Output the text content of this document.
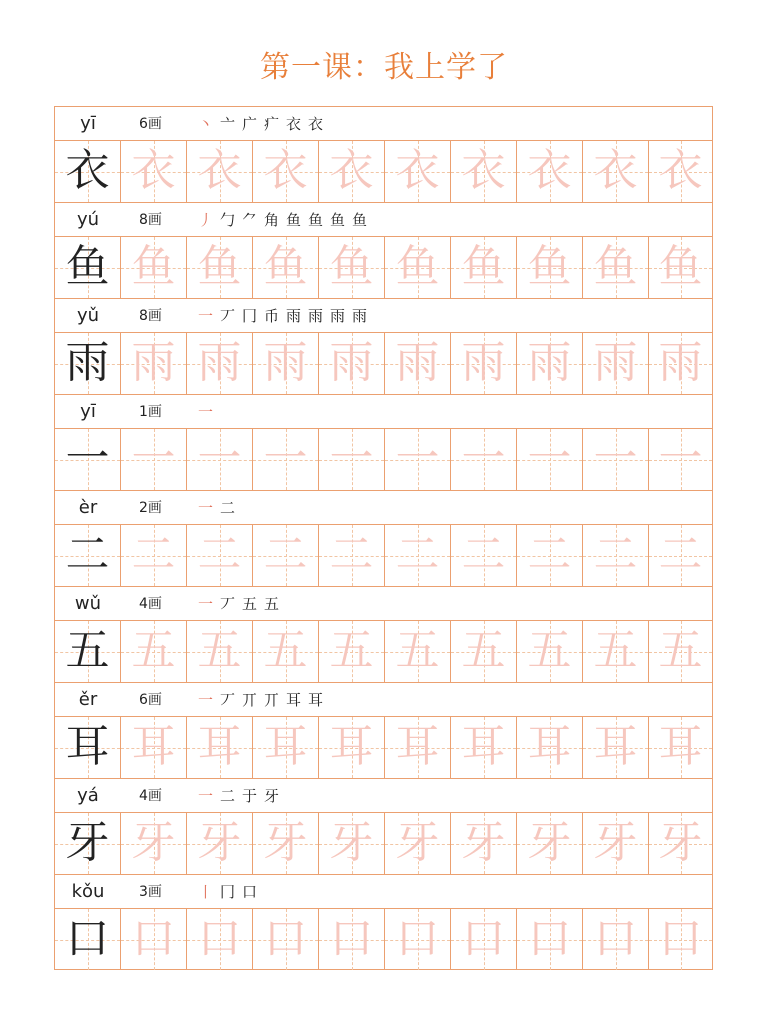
第一课：我上学了
yī	6画 丶 亠 广 疒 衣 衣
衣 衣 衣 衣 衣 衣 衣 衣 衣 衣
yú	8画 丿 勹 ⺈ 角 鱼 鱼 鱼 鱼
鱼 鱼 鱼 鱼 鱼 鱼 鱼 鱼 鱼 鱼
yǔ	8画 一 丆 冂 币 雨 雨 雨 雨
雨 雨 雨 雨 雨 雨 雨 雨 雨 雨
yī	1画 一
一 一 一 一 一 一 一 一 一 一
èr	2画 一 二
二 二 二 二 二 二 二 二 二 二
wǔ	4画 一 丆 五 五
五 五 五 五 五 五 五 五 五 五
ěr	6画 一 丆 丌 丌 耳 耳
耳 耳 耳 耳 耳 耳 耳 耳 耳 耳
yá	4画 一 二 于 牙
牙 牙 牙 牙 牙 牙 牙 牙 牙 牙
kǒu	3画 丨 冂 口
口 口 口 口 口 口 口 口 口 口
